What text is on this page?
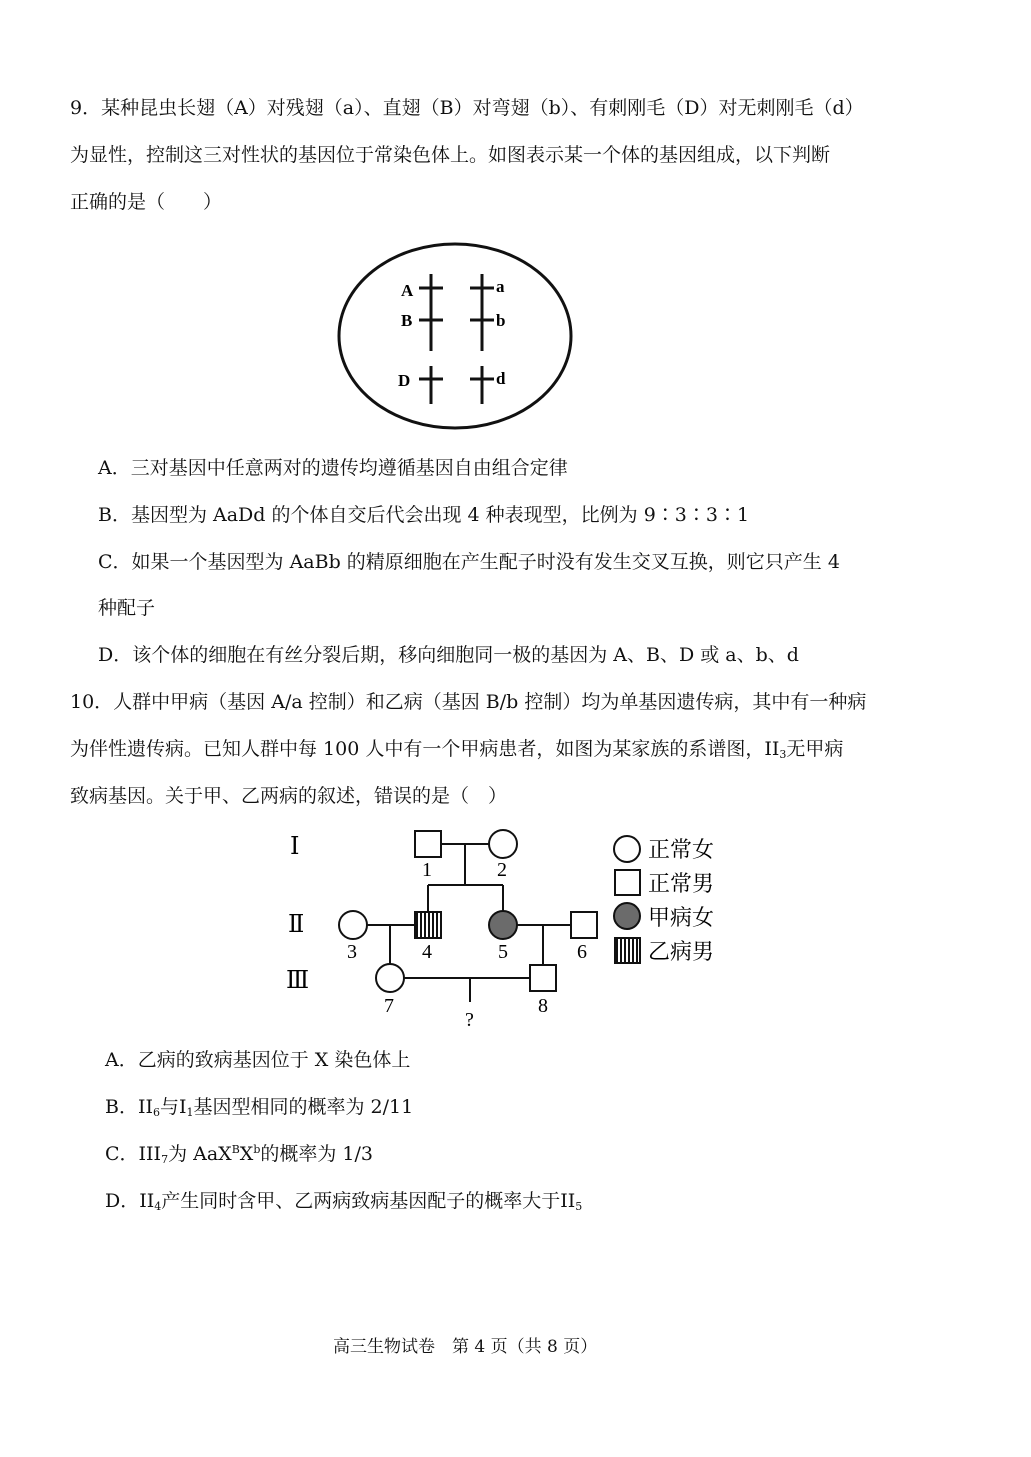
9．某种昆虫长翅（A）对残翅（a）、直翅（B）对弯翅（b）、有刺刚毛（D）对无刺刚毛（d）
为显性，控制这三对性状的基因位于常染色体上。如图表示某一个体的基因组成，以下判断
正确的是（　　）
A
B
a
b
D	d
A．三对基因中任意两对的遗传均遵循基因自由组合定律
B．基因型为 AaDd 的个体自交后代会出现 4 种表现型，比例为 9∶3∶3∶1
C．如果一个基因型为 AaBb 的精原细胞在产生配子时没有发生交叉互换，则它只产生 4
种配子
D．该个体的细胞在有丝分裂后期，移向细胞同一极的基因为 A、B、D 或 a、b、d
10．人群中甲病（基因 A/a 控制）和乙病（基因 B/b 控制）均为单基因遗传病，其中有一种病
为伴性遗传病。已知人群中每 100 人中有一个甲病患者，如图为某家族的系谱图，$II_3$无甲病
致病基因。关于甲、乙两病的叙述，错误的是（　）
Ⅰ
Ⅱ
Ⅲ
1	2
3	4	5	6
7	8
?
正常女
正常男
甲病女
乙病男
A．乙病的致病基因位于 X 染色体上
B．$II_6$与$I_1$基因型相同的概率为 2/11
C．$III_7$为 $AaX^BX^b$的概率为 1/3
D．$II_4$产生同时含甲、乙两病致病基因配子的概率大于$II_5$
高三生物试卷　第 4 页（共 8 页）
